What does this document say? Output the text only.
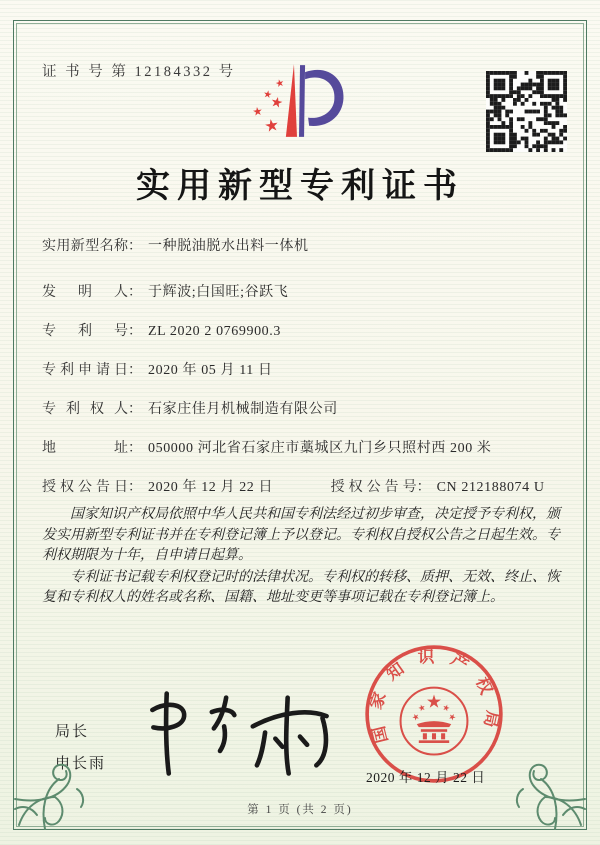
证 书 号 第 12184332 号
实用新型专利证书
实用新型名称： 一种脱油脱水出料一体机
发明人： 于辉波;白国旺;谷跃飞
专利号： ZL 2020 2 0769900.3
专利申请日： 2020 年 05 月 11 日
专利权人： 石家庄佳月机械制造有限公司
地址： 050000 河北省石家庄市藁城区九门乡只照村西 200 米
授权公告日： 2020 年 12 月 22 日	授权公告号： CN 212188074 U

国家知识产权局依照中华人民共和国专利法经过初步审查，决定授予专利权，颁发实用新型专利证书并在专利登记簿上予以登记。专利权自授权公告之日起生效。专利权期限为十年，自申请日起算。

专利证书记载专利权登记时的法律状况。专利权的转移、质押、无效、终止、恢复和专利权人的姓名或名称、国籍、地址变更等事项记载在专利登记簿上。

局长
申长雨
国家知识产权局
2020 年 12 月 22 日
第 1 页 (共 2 页)
